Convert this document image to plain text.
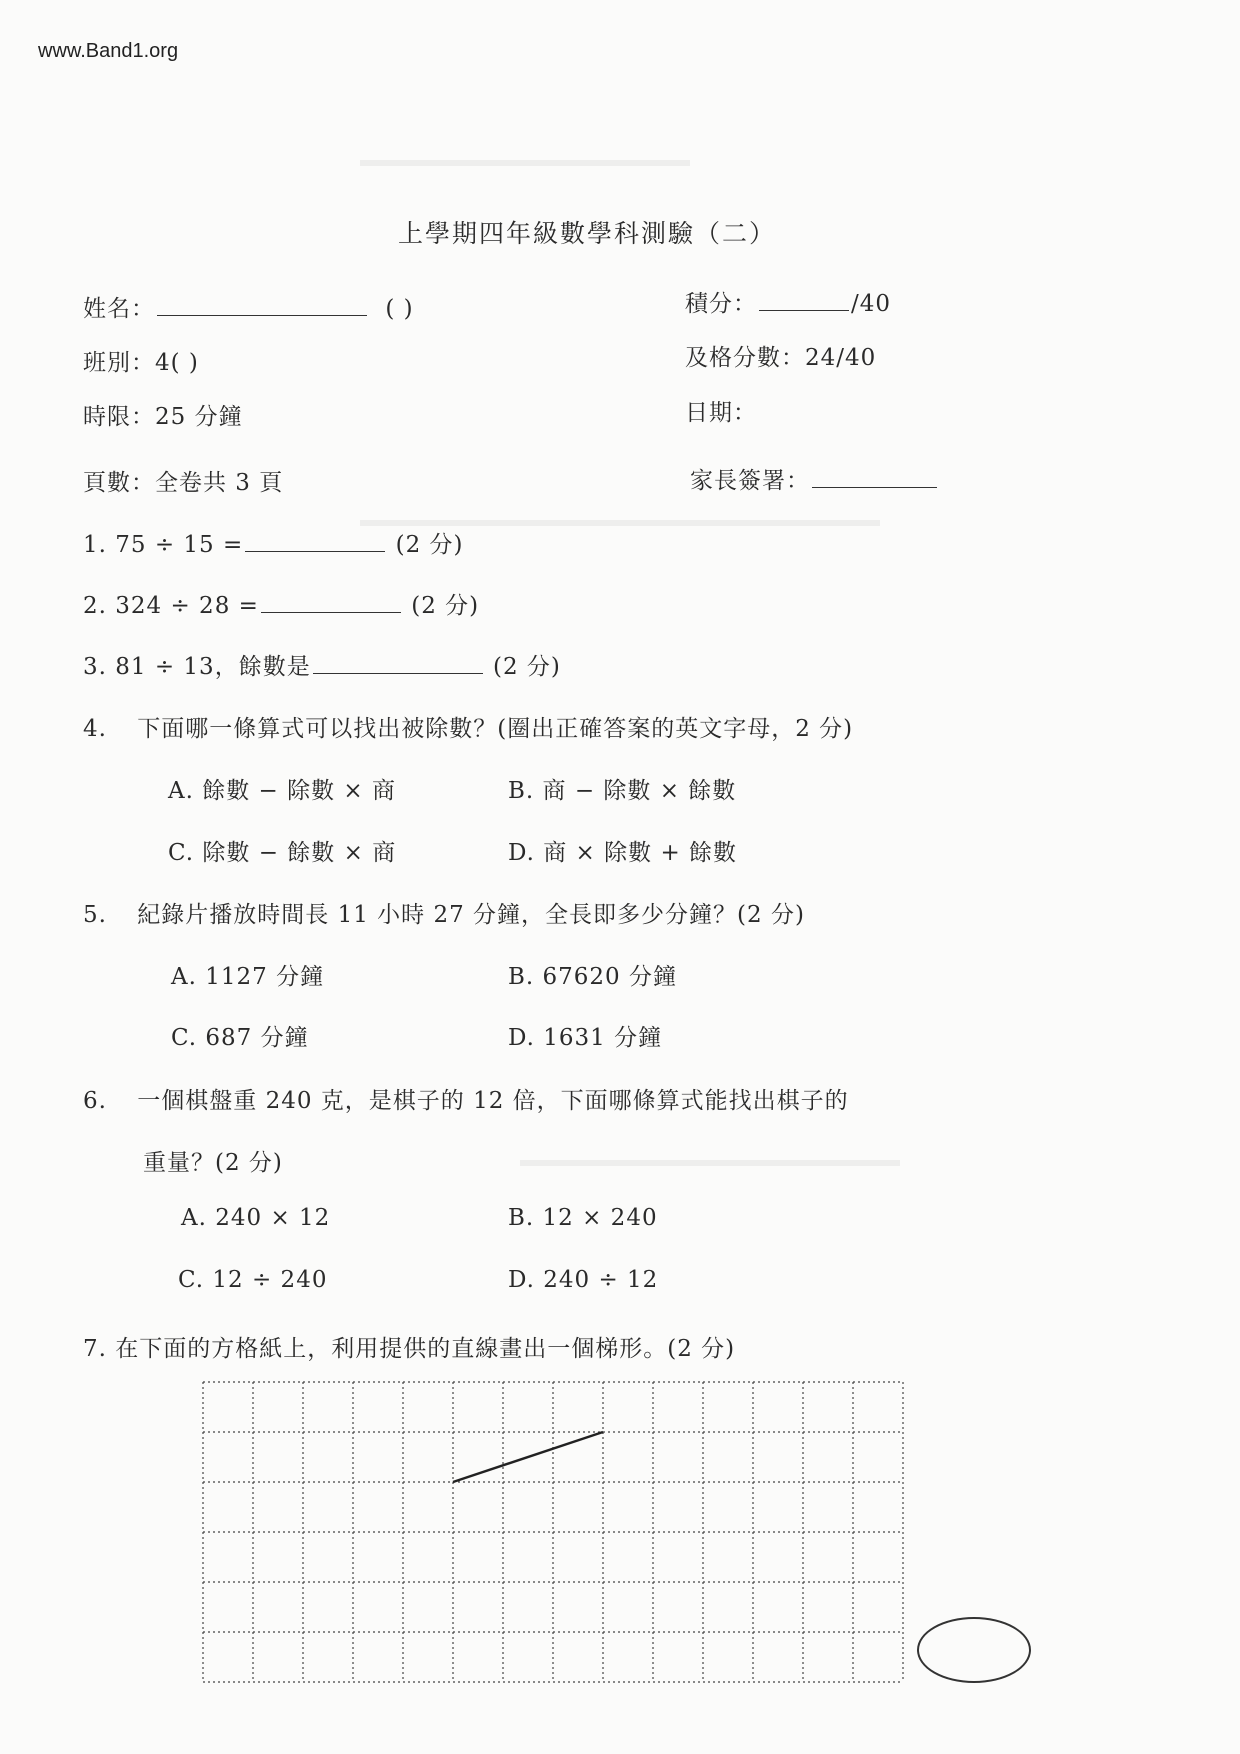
www.Band1.org
上學期四年級數學科測驗（二）
姓名：	( )	積分：	/40
班別：4( )	及格分數：24/40
時限：25 分鐘	日期：
頁數：全卷共 3 頁	家長簽署：
1. 75 ÷ 15 =	(2 分)
2. 324 ÷ 28 =	(2 分)
3. 81 ÷ 13，餘數是	(2 分)
4. 下面哪一條算式可以找出被除數？(圈出正確答案的英文字母，2 分)
A. 餘數 − 除數 × 商	B. 商 − 除數 × 餘數
C. 除數 − 餘數 × 商	D. 商 × 除數 + 餘數
5. 紀錄片播放時間長 11 小時 27 分鐘，全長即多少分鐘？(2 分)
A. 1127 分鐘	B. 67620 分鐘
C. 687 分鐘	D. 1631 分鐘
6. 一個棋盤重 240 克，是棋子的 12 倍，下面哪條算式能找出棋子的
重量？(2 分)
A. 240 × 12	B. 12 × 240
C. 12 ÷ 240	D. 240 ÷ 12
7. 在下面的方格紙上，利用提供的直線畫出一個梯形。(2 分)
